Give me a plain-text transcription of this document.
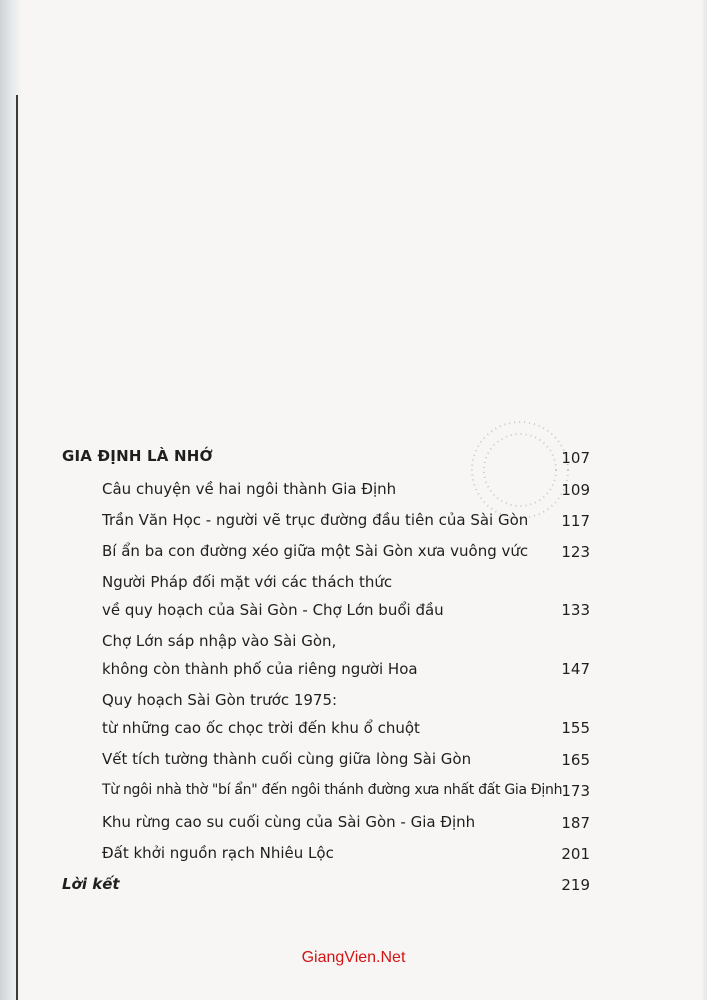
GIA ĐỊNH LÀ NHỚ	107
Câu chuyện về hai ngôi thành Gia Định	109
Trần Văn Học - người vẽ trục đường đầu tiên của Sài Gòn	117
Bí ẩn ba con đường xéo giữa một Sài Gòn xưa vuông vức	123
Người Pháp đối mặt với các thách thức
về quy hoạch của Sài Gòn - Chợ Lớn buổi đầu	133
Chợ Lớn sáp nhập vào Sài Gòn,
không còn thành phố của riêng người Hoa	147
Quy hoạch Sài Gòn trước 1975:
từ những cao ốc chọc trời đến khu ổ chuột	155
Vết tích tường thành cuối cùng giữa lòng Sài Gòn	165
Từ ngôi nhà thờ "bí ẩn" đến ngôi thánh đường xưa nhất đất Gia Định 173
Khu rừng cao su cuối cùng của Sài Gòn - Gia Định	187
Đất khởi nguồn rạch Nhiêu Lộc	201
Lời kết	219
GiangVien.Net
